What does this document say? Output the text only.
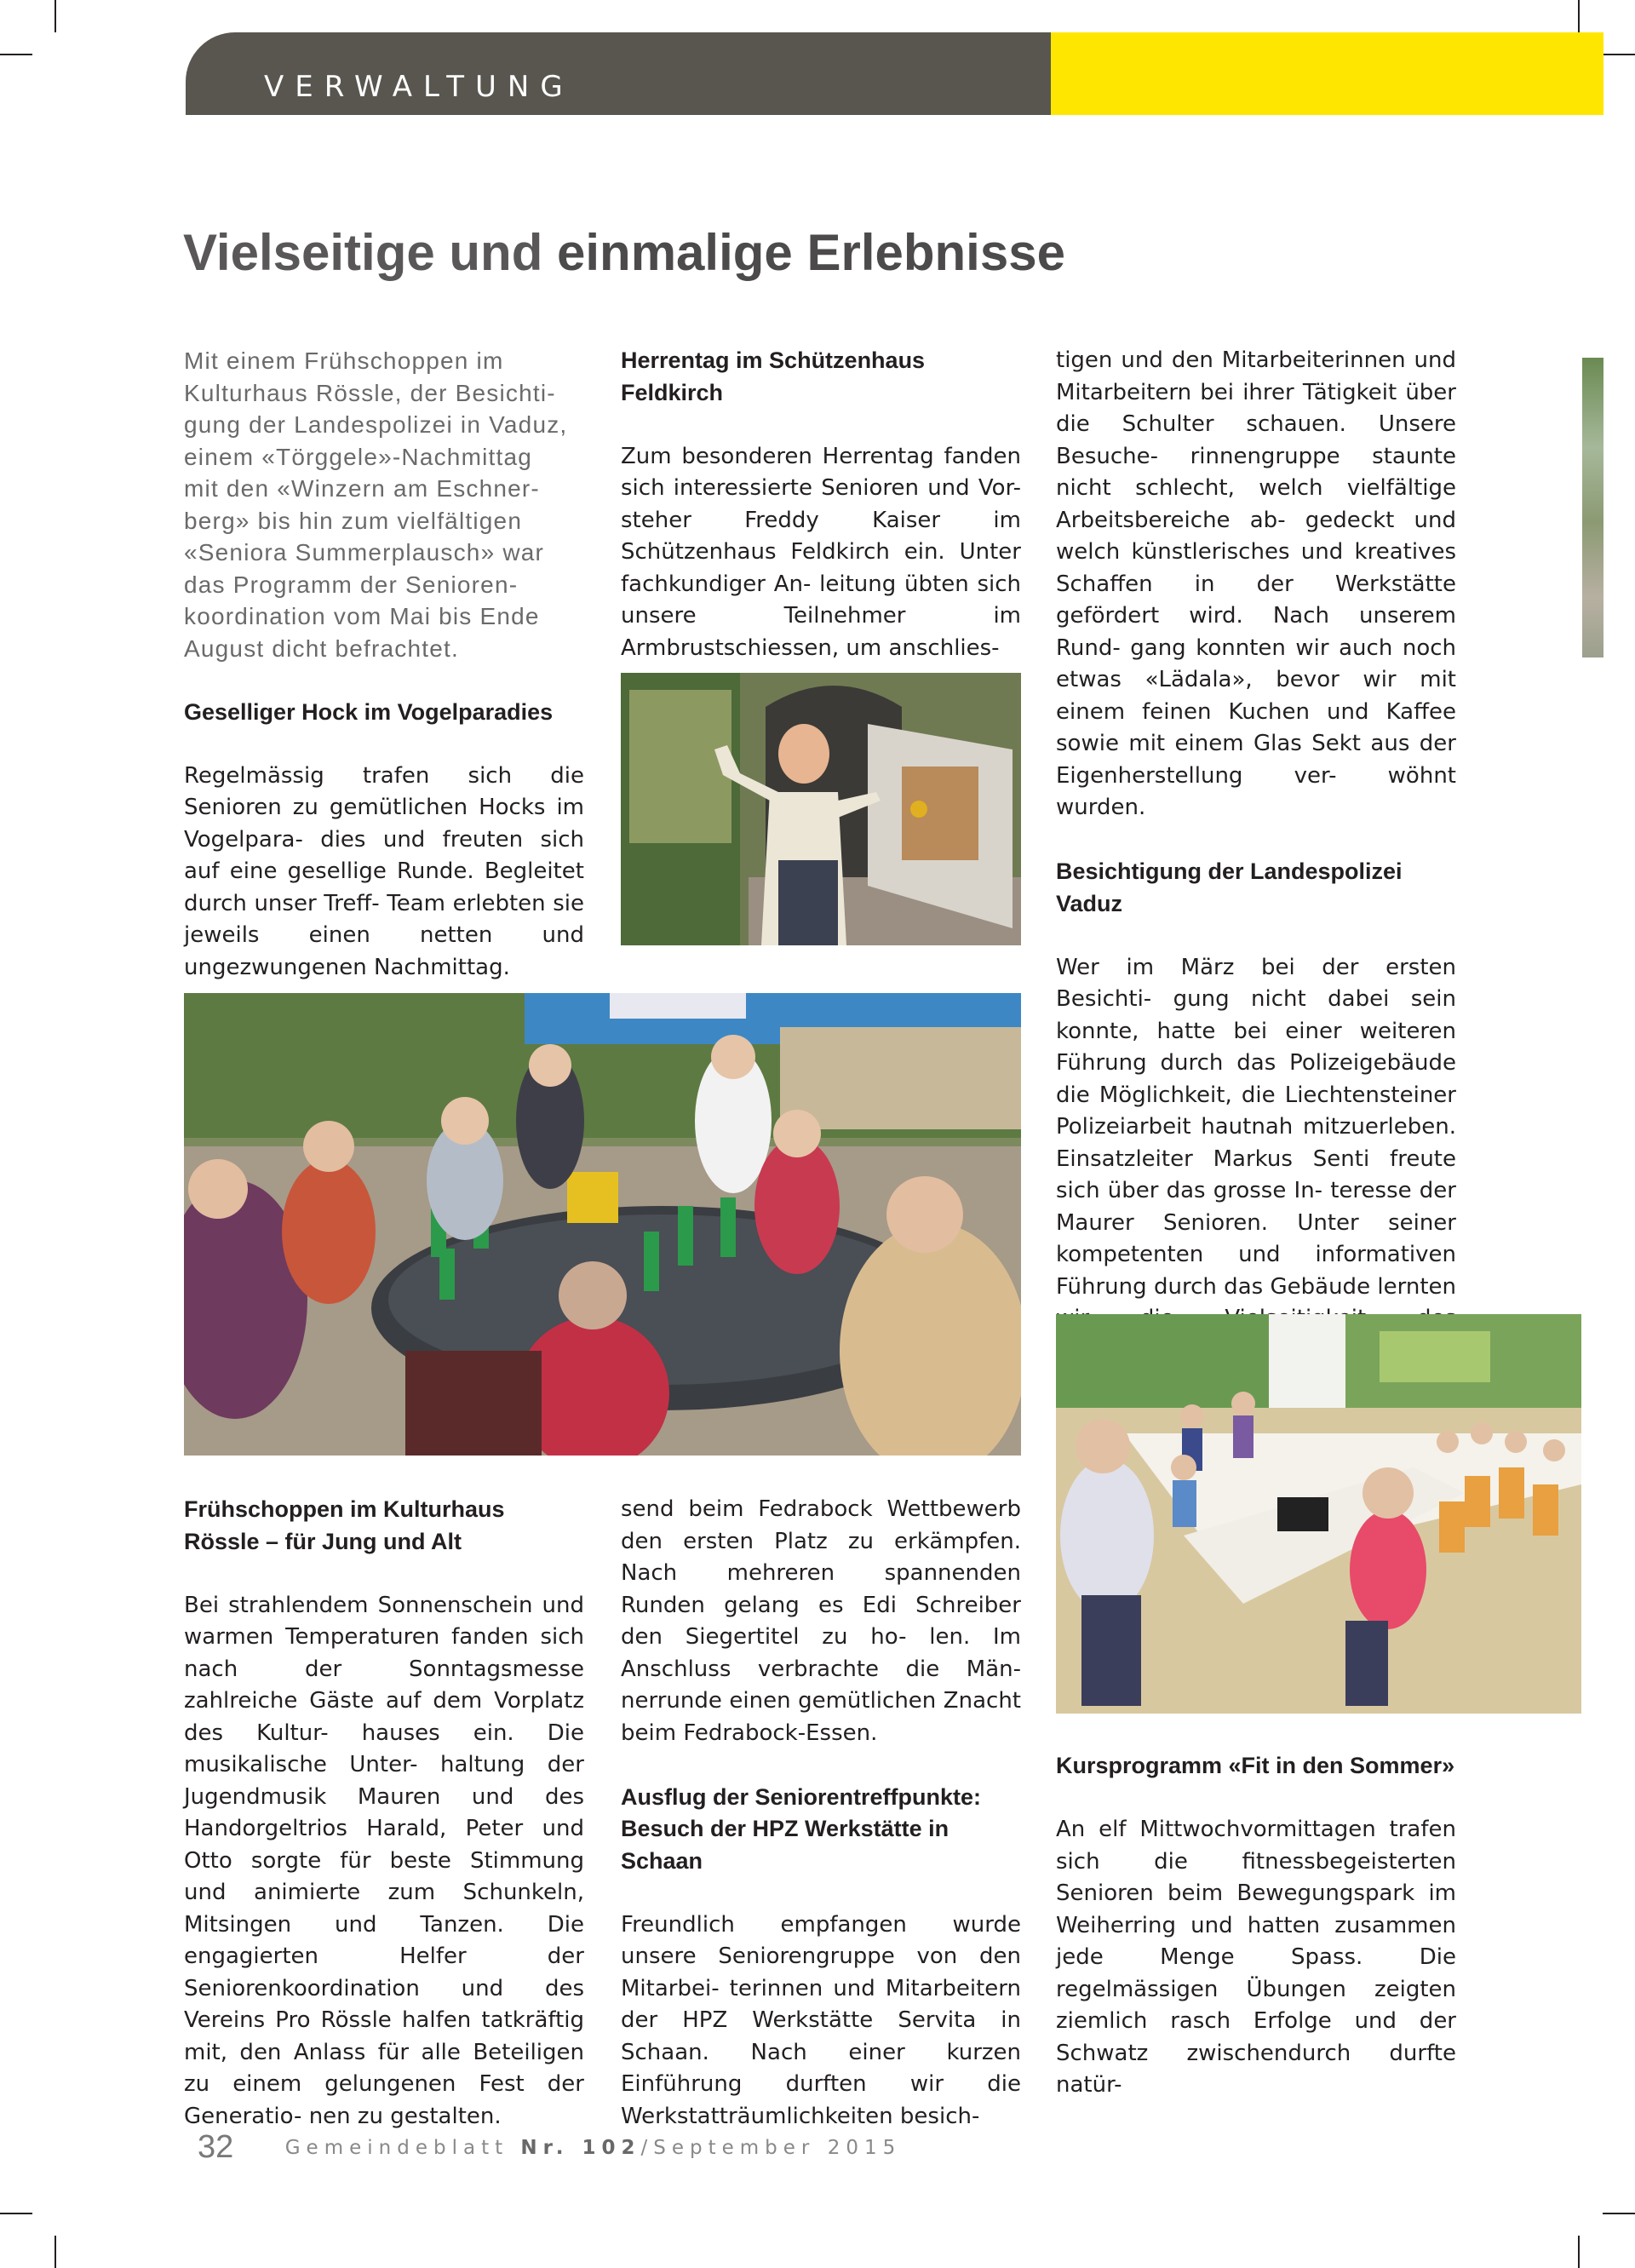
VERWALTUNG
Vielseitige und einmalige Erlebnisse
Mit einem Frühschoppen im
Kulturhaus Rössle, der Besichti-
gung der Landespolizei in Vaduz,
einem «Törggele»-Nachmittag
mit den «Winzern am Eschner-
berg» bis hin zum vielfältigen
«Seniora Summerplausch» war
das Programm der Senioren-
koordination vom Mai bis Ende
August dicht befrachtet.

Geselliger Hock im Vogelparadies

Regelmässig trafen sich die Senioren zu gemütlichen Hocks im Vogelpara- dies und freuten sich auf eine gesellige Runde. Begleitet durch unser Treff- Team erlebten sie jeweils einen netten und ungezwungenen Nachmittag.

Herrentag im Schützenhaus Feldkirch

Zum besonderen Herrentag fanden sich interessierte Senioren und Vor- steher Freddy Kaiser im Schützenhaus Feldkirch ein. Unter fachkundiger An- leitung übten sich unsere Teilnehmer im Armbrustschiessen, um anschlies-

tigen und den Mitarbeiterinnen und Mitarbeitern bei ihrer Tätigkeit über die Schulter schauen. Unsere Besuche- rinnengruppe staunte nicht schlecht, welch vielfältige Arbeitsbereiche ab- gedeckt und welch künstlerisches und kreatives Schaffen in der Werkstätte gefördert wird. Nach unserem Rund- gang konnten wir auch noch etwas «Lädala», bevor wir mit einem feinen Kuchen und Kaffee sowie mit einem Glas Sekt aus der Eigenherstellung ver- wöhnt wurden.

Besichtigung der Landespolizei Vaduz

Wer im März bei der ersten Besichti- gung nicht dabei sein konnte, hatte bei einer weiteren Führung durch das Polizeigebäude die Möglichkeit, die Liechtensteiner Polizeiarbeit hautnah mitzuerleben. Einsatzleiter Markus Senti freute sich über das grosse In- teresse der Maurer Senioren. Unter seiner kompetenten und informativen Führung durch das Gebäude lernten

Frühschoppen im Kulturhaus Rössle – für Jung und Alt

Bei strahlendem Sonnenschein und warmen Temperaturen fanden sich nach der Sonntagsmesse zahlreiche Gäste auf dem Vorplatz des Kultur- hauses ein. Die musikalische Unter- haltung der Jugendmusik Mauren und des Handorgeltrios Harald, Peter und Otto sorgte für beste Stimmung und animierte zum Schunkeln, Mitsingen und Tanzen. Die engagierten Helfer der Seniorenkoordination und des Vereins Pro Rössle halfen tatkräftig mit, den Anlass für alle Beteiligen zu einem gelungenen Fest der Generatio- nen zu gestalten.

send beim Fedrabock Wettbewerb den ersten Platz zu erkämpfen. Nach mehreren spannenden Runden gelang es Edi Schreiber den Siegertitel zu ho- len. Im Anschluss verbrachte die Män- nerrunde einen gemütlichen Znacht beim Fedrabock-Essen.

Ausflug der Seniorentreffpunkte: Besuch der HPZ Werkstätte in Schaan

Freundlich empfangen wurde unsere Seniorengruppe von den Mitarbei- terinnen und Mitarbeitern der HPZ Werkstätte Servita in Schaan. Nach einer kurzen Einführung durften wir die Werkstatträumlichkeiten besich-

Kursprogramm «Fit in den Sommer»

An elf Mittwochvormittagen trafen sich die fitnessbegeisterten Senioren beim Bewegungspark im Weiherring und hatten zusammen jede Menge Spass. Die regelmässigen Übungen zeigten ziemlich rasch Erfolge und der Schwatz zwischendurch durfte natür-

32	Gemeindeblatt Nr. 102/September 2015
